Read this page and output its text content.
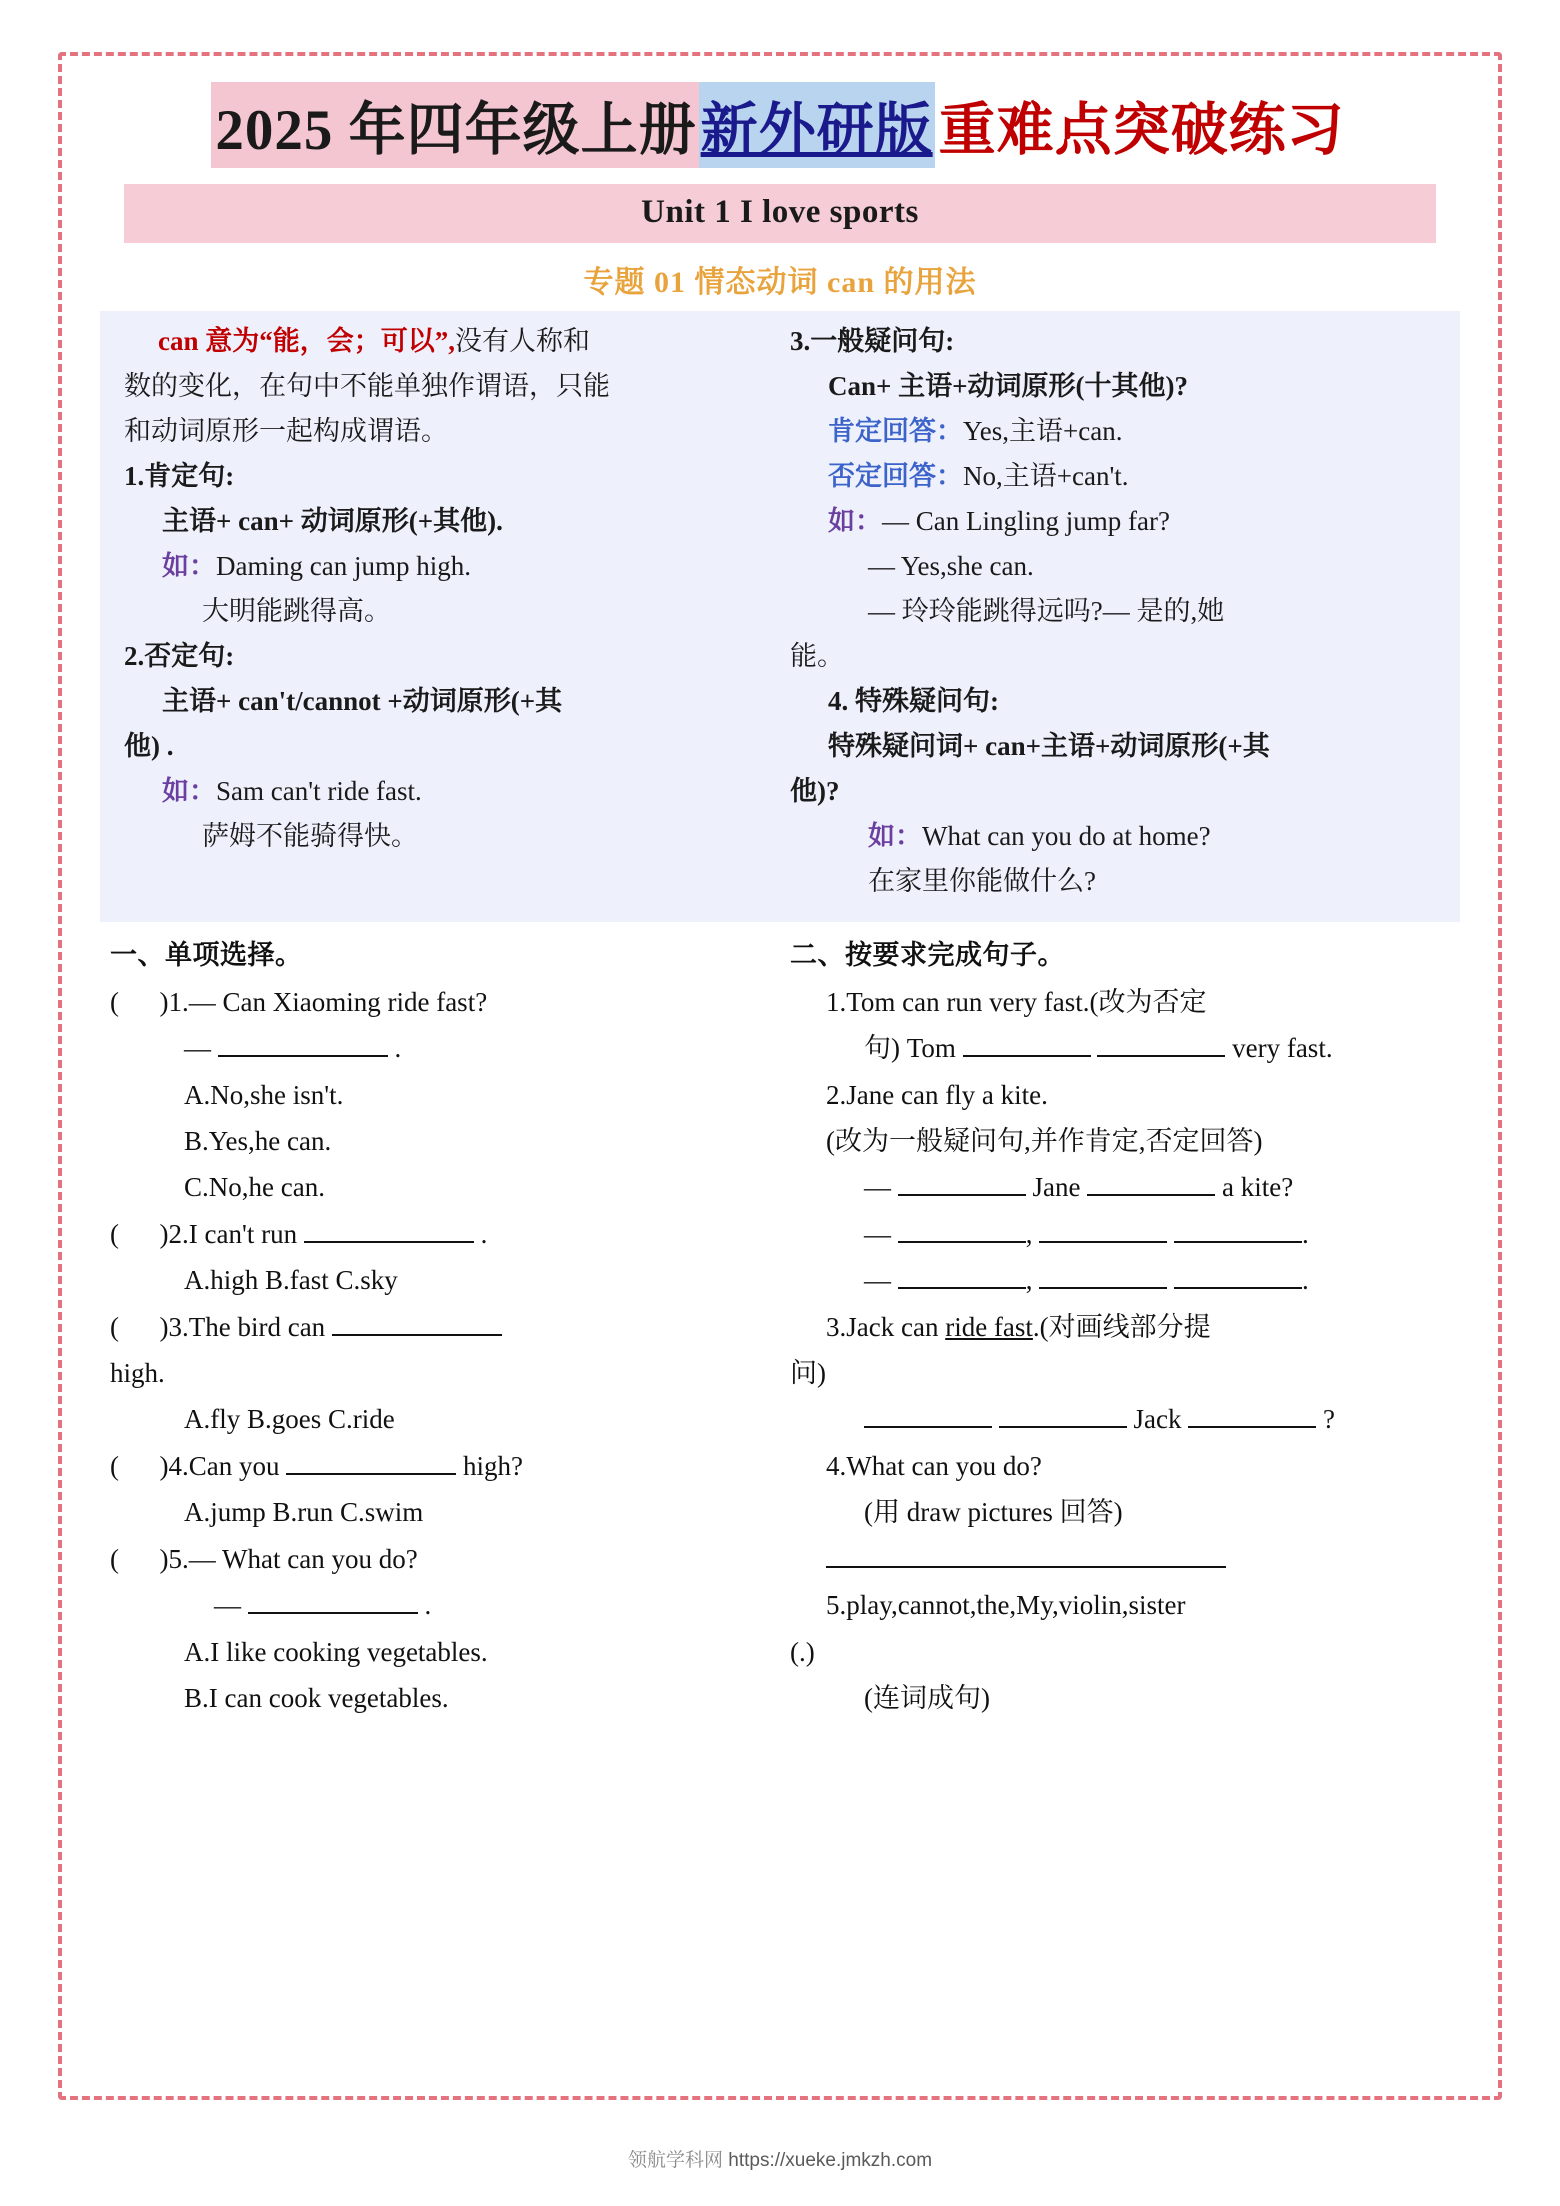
2025 年四年级上册 新外研版 重难点突破练习
Unit 1 I love sports
专题 01 情态动词 can 的用法

can 意为“能，会；可以”,没有人称和

数的变化，在句中不能单独作谓语，只能

和动词原形一起构成谓语。

1.肯定句:

主语+ can+ 动词原形(+其他).

如：Daming can jump high.

大明能跳得高。

2.否定句:

主语+ can't/cannot +动词原形(+其

他) .

如：Sam can't ride fast.

萨姆不能骑得快。

3.一般疑问句:

Can+ 主语+动词原形(十其他)?

肯定回答：Yes,主语+can.

否定回答：No,主语+can't.

如：— Can Lingling jump far?

— Yes,she can.

— 玲玲能跳得远吗?— 是的,她

能。

4. 特殊疑问句:

特殊疑问词+ can+主语+动词原形(+其

他)?

如：What can you do at home?

在家里你能做什么?

一、单项选择。

(      )1.— Can Xiaoming ride fast?

—	.

A.No,she isn't.

B.Yes,he can.

C.No,he can.

(      )2.I can't run	.

A.high B.fast C.sky

(      )3.The bird can

high.

A.fly B.goes C.ride

(      )4.Can you	high?

A.jump B.run C.swim

(      )5.— What can you do?

—	.

A.I like cooking vegetables.

B.I can cook vegetables.

二、按要求完成句子。

1.Tom can run very fast.(改为否定

句) Tom	very fast.

2.Jane can fly a kite.

(改为一般疑问句,并作肯定,否定回答)

—	Jane	a kite?

—	,	.

—	,	.

3.Jack can ride fast.(对画线部分提

问)

Jack	?

4.What can you do?

(用 draw pictures 回答)

5.play,cannot,the,My,violin,sister

(.)

(连词成句)

领航学科网 https://xueke.jmkzh.com
